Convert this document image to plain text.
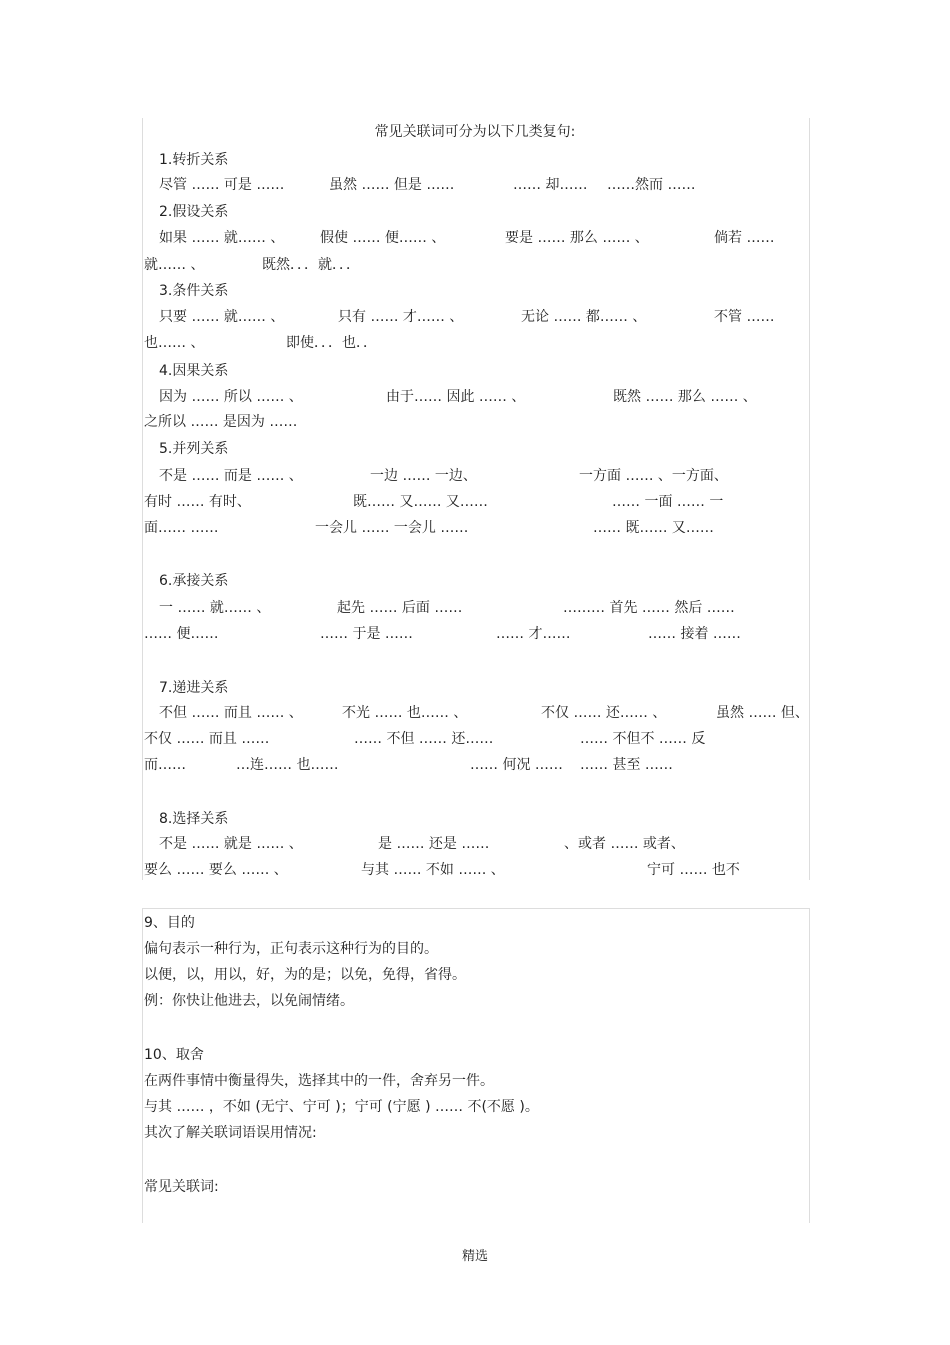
常见关联词可分为以下几类复句:
1.转折关系
尽管 …… 可是 ……	虽然 …… 但是 ……	…… 却…… ……然而 ……
2.假设关系
如果 …… 就…… 、	假使 …… 便…… 、	要是 …… 那么 …… 、	倘若 ……
就…… 、	既然．．．就．．．
3.条件关系
只要 …… 就…… 、	只有 …… 才…… 、	无论 …… 都…… 、	不管 ……
也…… 、	即使．．．也．．
4.因果关系
因为 …… 所以 …… 、	由于…… 因此 …… 、	既然 …… 那么 …… 、
之所以 …… 是因为 ……
5.并列关系
不是 …… 而是 …… 、	一边 …… 一边、	一方面 …… 、一方面、
有时 …… 有时、	既…… 又…… 又……	…… 一面 …… 一
面…… ……	一会儿 …… 一会儿 ……	…… 既…… 又……
6.承接关系
一 …… 就…… 、	起先 …… 后面 ……	……… 首先 …… 然后 ……
…… 便……	…… 于是 ……	…… 才……	…… 接着 ……
7.递进关系
不但 …… 而且 …… 、	不光 …… 也…… 、	不仅 …… 还…… 、	虽然 …… 但、
不仅 …… 而且 ……	…… 不但 …… 还……	…… 不但不 …… 反
而……	…连…… 也……	…… 何况 …… …… 甚至 ……
8.选择关系
不是 …… 就是 …… 、	是 …… 还是 ……	、或者 …… 或者、
要么 …… 要么 …… 、	与其 …… 不如 …… 、	宁可 …… 也不
9、目的
偏句表示一种行为，正句表示这种行为的目的。
以便，以，用以，好，为的是；以免，免得，省得。
例：你快让他进去，以免闹情绪。
10、取舍
在两件事情中衡量得失，选择其中的一件，舍弃另一件。
与其 …… ，不如 (无宁、宁可 )；宁可 (宁愿 ) …… 不(不愿 )。
其次了解关联词语误用情况:
常见关联词:
精选
